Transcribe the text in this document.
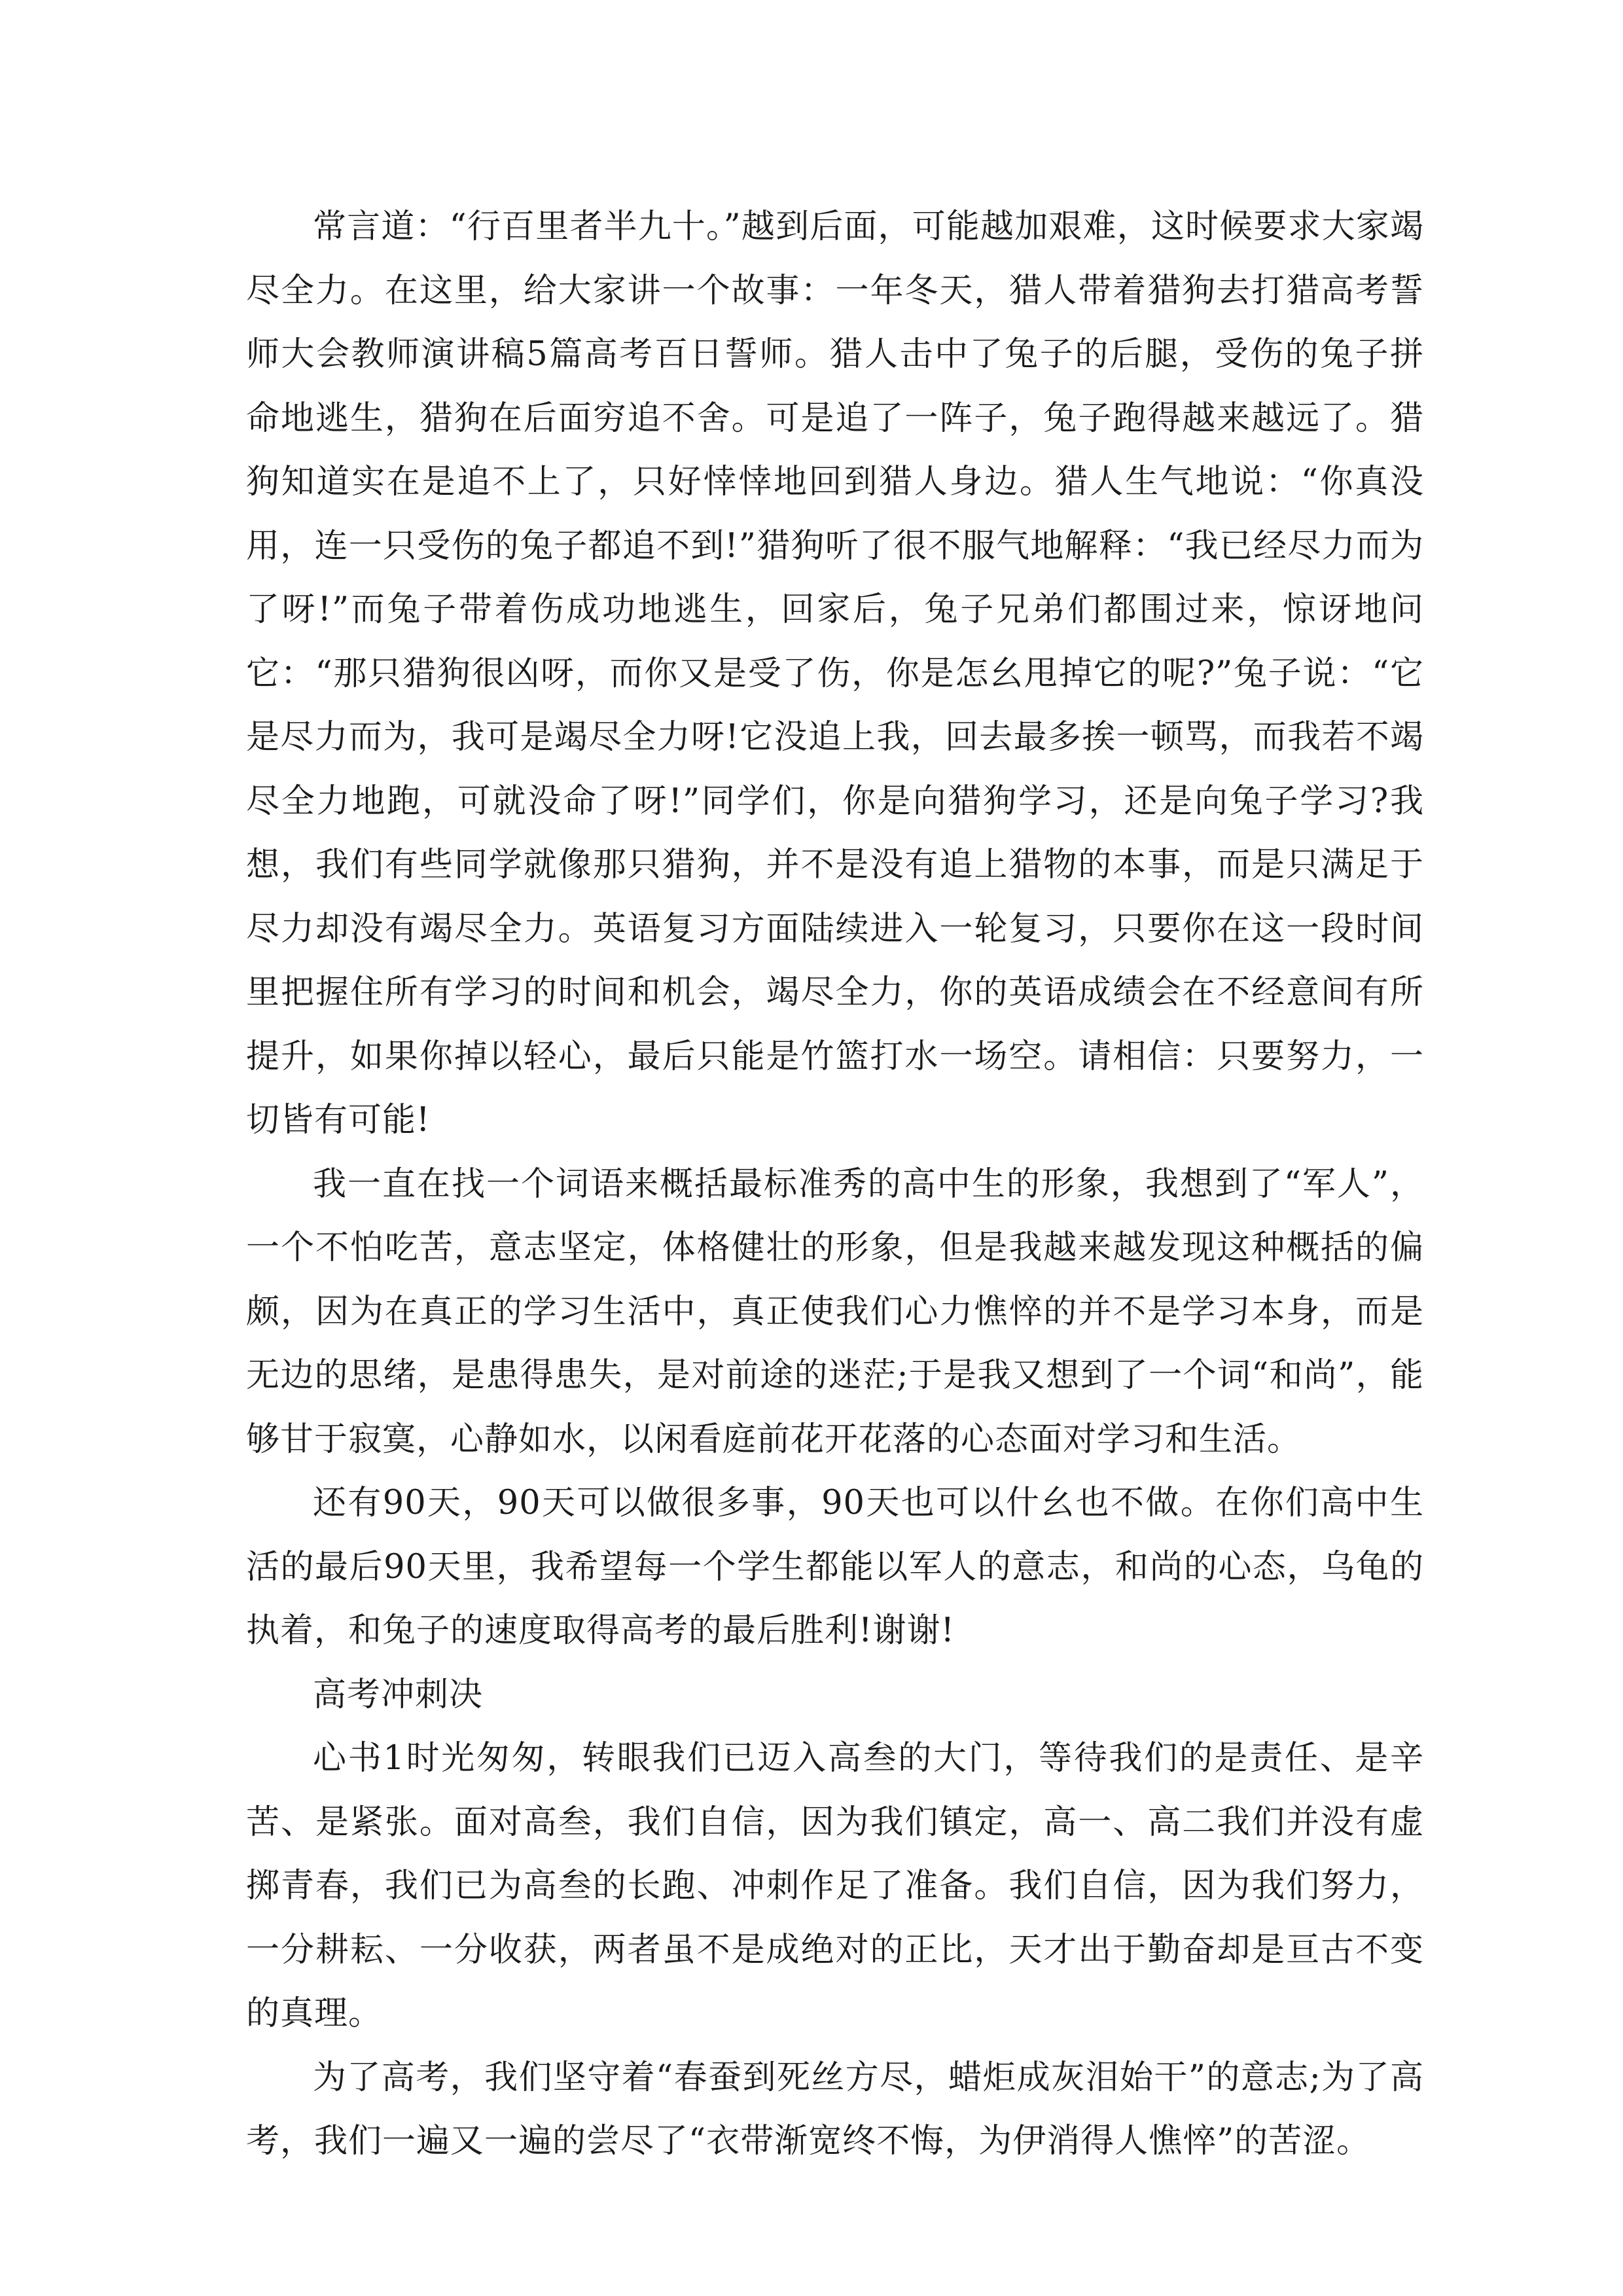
常言道：“行百里者半九十。”越到后面，可能越加艰难，这时候要求大家竭尽全力。在这里，给大家讲一个故事：一年冬天，猎人带着猎狗去打猎高考誓师大会教师演讲稿5篇高考百日誓师。猎人击中了兔子的后腿，受伤的兔子拼命地逃生，猎狗在后面穷追不舍。可是追了一阵子，兔子跑得越来越远了。猎狗知道实在是追不上了，只好悻悻地回到猎人身边。猎人生气地说：“你真没用，连一只受伤的兔子都追不到!”猎狗听了很不服气地解释：“我已经尽力而为了呀!”而兔子带着伤成功地逃生，回家后，兔子兄弟们都围过来，惊讶地问它：“那只猎狗很凶呀，而你又是受了伤，你是怎幺甩掉它的呢?”兔子说：“它是尽力而为，我可是竭尽全力呀!它没追上我，回去最多挨一顿骂，而我若不竭尽全力地跑，可就没命了呀!”同学们，你是向猎狗学习，还是向兔子学习?我想，我们有些同学就像那只猎狗，并不是没有追上猎物的本事，而是只满足于尽力却没有竭尽全力。英语复习方面陆续进入一轮复习，只要你在这一段时间里把握住所有学习的时间和机会，竭尽全力，你的英语成绩会在不经意间有所提升，如果你掉以轻心，最后只能是竹篮打水一场空。请相信：只要努力，一切皆有可能!

我一直在找一个词语来概括最标准秀的高中生的形象，我想到了“军人”，一个不怕吃苦，意志坚定，体格健壮的形象，但是我越来越发现这种概括的偏颇，因为在真正的学习生活中，真正使我们心力憔悴的并不是学习本身，而是无边的思绪，是患得患失，是对前途的迷茫;于是我又想到了一个词“和尚”，能够甘于寂寞，心静如水，以闲看庭前花开花落的心态面对学习和生活。

还有90天，90天可以做很多事，90天也可以什幺也不做。在你们高中生活的最后90天里，我希望每一个学生都能以军人的意志，和尚的心态，乌龟的执着，和兔子的速度取得高考的最后胜利!谢谢!

高考冲刺决

心书1时光匆匆，转眼我们已迈入高叁的大门，等待我们的是责任、是辛苦、是紧张。面对高叁，我们自信，因为我们镇定，高一、高二我们并没有虚掷青春，我们已为高叁的长跑、冲刺作足了准备。我们自信，因为我们努力，一分耕耘、一分收获，两者虽不是成绝对的正比，天才出于勤奋却是亘古不变的真理。

为了高考，我们坚守着“春蚕到死丝方尽，蜡炬成灰泪始干”的意志;为了高考，我们一遍又一遍的尝尽了“衣带渐宽终不悔，为伊消得人憔悴”的苦涩。
